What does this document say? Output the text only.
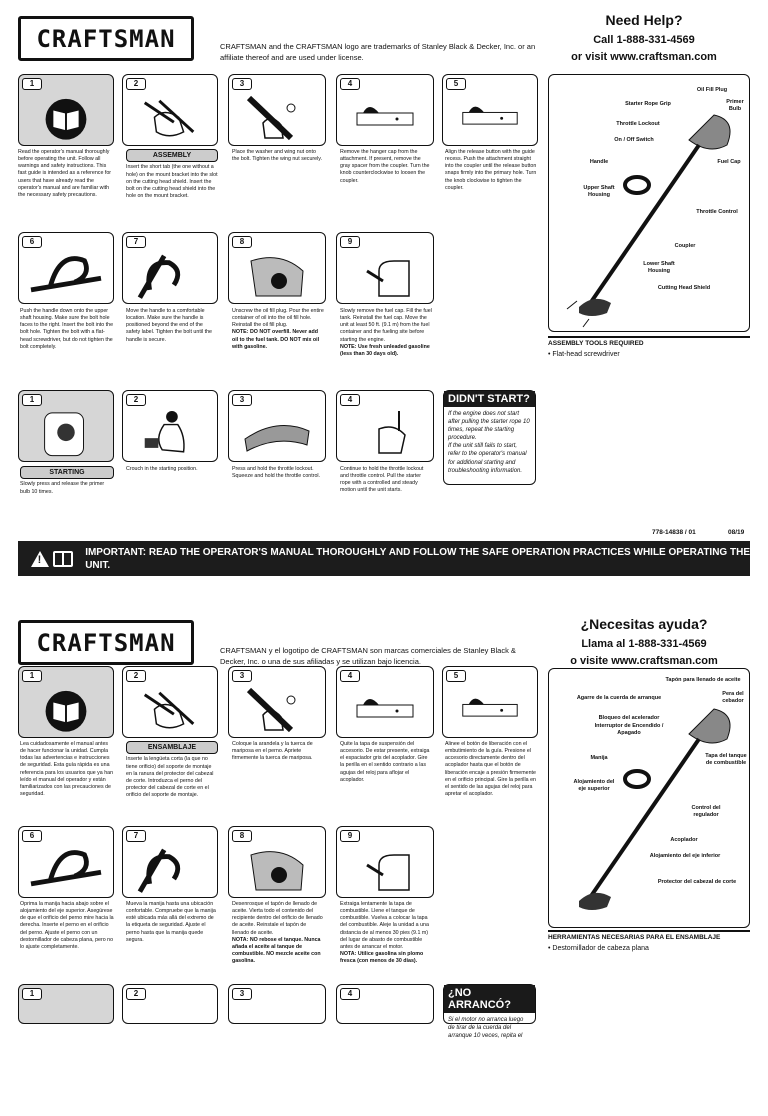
CRAFTSMAN	CRAFTSMAN and the CRAFTSMAN logo are trademarks of Stanley Black & Decker, Inc. or an affiliate thereof and are used under license.
Need Help?
Call 1-888-331-4569
or visit www.craftsman.com
1	2	3	4	5
Read the operator's manual thoroughly before operating the unit. Follow all warnings and safety instructions. This fast guide is intended as a reference for users that have already read the operator's manual and are familiar with the necessary safety precautions.
ASSEMBLY
Insert the short tab (the one without a hole) on the mount bracket into the slot on the cutting head shield. Insert the bolt on the cutting head shield into the hole on the mount bracket.
Place the washer and wing nut onto the bolt. Tighten the wing nut securely.
Remove the hanger cap from the attachment. If present, remove the gray spacer from the coupler. Turn the knob counterclockwise to loosen the coupler.
Align the release button with the guide recess. Push the attachment straight into the coupler until the release button snaps firmly into the primary hole. Turn the knob clockwise to tighten the coupler.
6	7	8	9
Push the handle down onto the upper shaft housing. Make sure the bolt hole faces to the right. Insert the bolt into the bolt hole. Tighten the bolt with a flat-head screwdriver, but do not tighten the bolt completely.
Move the handle to a comfortable location. Make sure the handle is positioned beyond the end of the safety label. Tighten the bolt until the handle is secure.
Unscrew the oil fill plug. Pour the entire container of oil into the oil fill hole. Reinstall the oil fill plug.
NOTE: DO NOT overfill. Never add oil to the fuel tank. DO NOT mix oil with gasoline.
Slowly remove the fuel cap. Fill the fuel tank. Reinstall the fuel cap. Move the unit at least 50 ft. (9.1 m) from the fuel container and the fueling site before starting the engine.
NOTE: Use fresh unleaded gasoline (less than 30 days old).
Oil Fill Plug
Primer Bulb
Starter Rope Grip
Throttle Lockout
On / Off Switch
Fuel Cap
Handle
Upper Shaft Housing
Throttle Control
Coupler
Lower Shaft Housing
Cutting Head Shield
ASSEMBLY TOOLS REQUIRED
• Flat-head screwdriver
1	2	3	4
STARTING
Slowly press and release the primer bulb 10 times.
Crouch in the starting position.	Press and hold the throttle lockout. Squeeze and hold the throttle control.
Continue to hold the throttle lockout and throttle control. Pull the starter rope with a controlled and steady motion until the unit starts.
DIDN'T START?

If the engine does not start after pulling the starter rope 10 times, repeat the starting procedure.

If the unit still fails to start, refer to the operator's manual for additional starting and troubleshooting information.

778-14838 / 01	08/19
!
IMPORTANT: READ THE OPERATOR'S MANUAL THOROUGHLY AND FOLLOW THE SAFE OPERATION PRACTICES WHILE OPERATING THE UNIT.
CRAFTSMAN	CRAFTSMAN y el logotipo de CRAFTSMAN son marcas comerciales de Stanley Black & Decker, Inc. o una de sus afiliadas y se utilizan bajo licencia.
¿Necesitas ayuda?
Llama al 1-888-331-4569
o visite www.craftsman.com
1	2	3	4	5
Lea cuidadosamente el manual antes de hacer funcionar la unidad. Cumpla todas las advertencias e instrucciones de seguridad. Esta guía rápida es una referencia para los usuarios que ya han leído el manual del operador y están familiarizados con las precauciones de seguridad.
ENSAMBLAJE
Inserte la lengüeta corta (la que no tiene orificio) del soporte de montaje en la ranura del protector del cabezal de corte. Introduzca el perno del protector del cabezal de corte en el orificio del soporte de montaje.
Coloque la arandela y la tuerca de mariposa en el perno. Apriete firmemente la tuerca de mariposa.
Quite la tapa de suspensión del accesorio. De estar presente, extraiga el espaciador gris del acoplador. Gire la perilla en el sentido contrario a las agujas del reloj para aflojar el acoplador.
Alinee el botón de liberación con el embutimiento de la guía. Presione el accesorio directamente dentro del acoplador hasta que el botón de liberación encaje a presión firmemente en el orificio principal. Gire la perilla en el sentido de las agujas del reloj para apretar el acoplador.
6	7	8	9
Oprima la manija hacia abajo sobre el alojamiento del eje superior. Asegúrese de que el orificio del perno mire hacia la derecha. Inserte el perno en el orificio del perno. Ajuste el perno con un destornillador de cabeza plana, pero no lo ajuste completamente.
Mueva la manija hasta una ubicación confortable. Compruebe que la manija esté ubicada más allá del extremo de la etiqueta de seguridad. Ajuste el perno hasta que la manija quede segura.
Desenrosque el tapón de llenado de aceite. Vierta todo el contenido del recipiente dentro del orificio de llenado de aceite. Reinstale el tapón de llenado de aceite.
NOTA: NO rebose el tanque. Nunca añada el aceite al tanque de combustible. NO mezcle aceite con gasolina.
Extraiga lentamente la tapa de combustible. Llene el tanque de combustible. Vuelva a colocar la tapa del combustible. Aleje la unidad a una distancia de al menos 30 pies (9.1 m) del lugar de abasto de combustible antes de arrancar el motor.
NOTA: Utilice gasolina sin plomo fresca (con menos de 30 días).
Tapón para llenado de aceite
Pera del cebador
Agarre de la cuerda de arranque
Bloqueo del acelerador
Interruptor de Encendido / Apagado
Tapa del tanque de combustible
Manija
Alojamiento del eje superior
Control del regulador
Acoplador
Alojamiento del eje inferior
Protector del cabezal de corte
HERRAMIENTAS NECESARIAS PARA EL ENSAMBLAJE
• Destornillador de cabeza plana
1	2	3	4	¿NO ARRANCÓ?
Si el motor no arranca luego de tirar de la cuerda del arranque 10 veces, repita el
